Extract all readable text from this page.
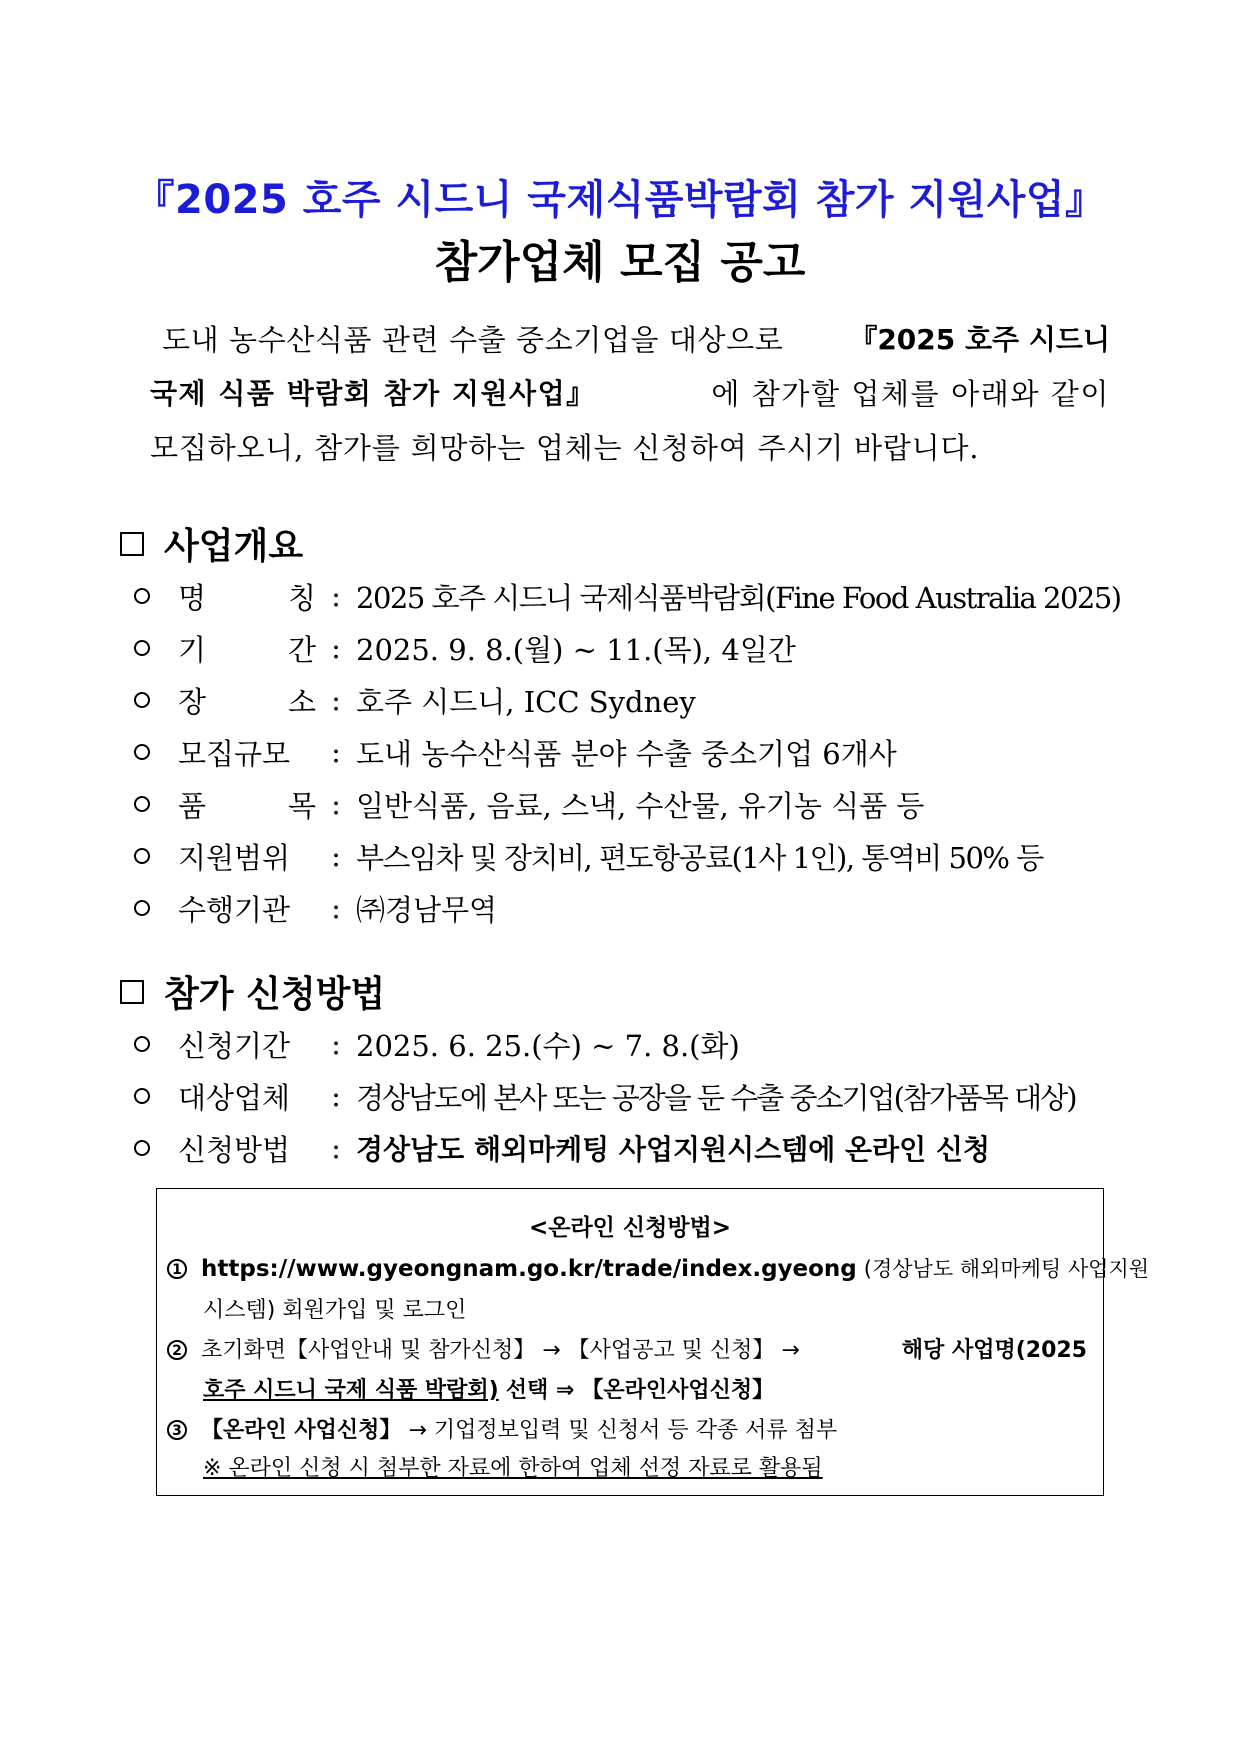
『2025 호주 시드니 국제식품박람회 참가 지원사업』
참가업체 모집 공고
도내 농수산식품 관련 수출 중소기업을 대상으로 『2025 호주 시드니
국제 식품 박람회 참가 지원사업』	에 참가할 업체를 아래와 같이
모집하오니, 참가를 희망하는 업체는 신청하여 주시기 바랍니다.
사업개요
명	칭 : 2025 호주 시드니 국제식품박람회(Fine Food Australia 2025)
기	간 : 2025. 9. 8.(월) ~ 11.(목), 4일간
장	소 : 호주 시드니, ICC Sydney
모집규모	: 도내 농수산식품 분야 수출 중소기업 6개사
품	목 : 일반식품, 음료, 스낵, 수산물, 유기농 식품 등
지원범위	: 부스임차 및 장치비, 편도항공료(1사 1인), 통역비 50% 등
수행기관	: ㈜경남무역
참가 신청방법
신청기간	: 2025. 6. 25.(수) ~ 7. 8.(화)
대상업체	: 경상남도에 본사 또는 공장을 둔 수출 중소기업(참가품목 대상)
신청방법	: 경상남도 해외마케팅 사업지원시스템에 온라인 신청
<온라인 신청방법>
1 https://www.gyeongnam.go.kr/trade/index.gyeong (경상남도 해외마케팅 사업지원
시스템) 회원가입 및 로그인
2 초기화면【사업안내 및 참가신청】 → 【사업공고 및 신청】 →	해당 사업명(2025
호주 시드니 국제 식품 박람회) 선택 ⇒ 【온라인사업신청】
3 【온라인 사업신청】 → 기업정보입력 및 신청서 등 각종 서류 첨부
※ 온라인 신청 시 첨부한 자료에 한하여 업체 선정 자료로 활용됨
